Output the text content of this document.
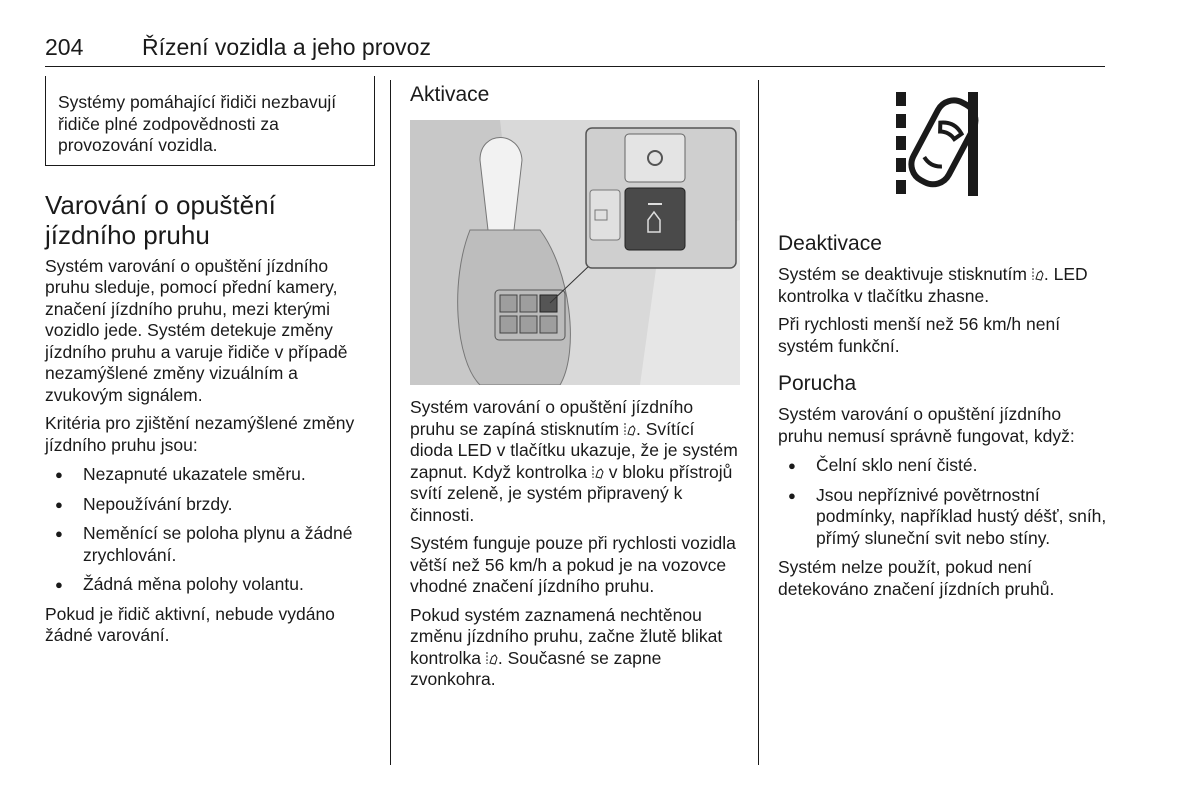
204	Řízení vozidla a jeho provoz
Systémy pomáhající řidiči nezbavují řidiče plné zodpovědnosti za provozování vozidla.
Varování o opuštění
jízdního pruhu

Systém varování o opuštění jízdního pruhu sleduje, pomocí přední kamery, značení jízdního pruhu, mezi kterými vozidlo jede. Systém detekuje změny jízdního pruhu a varuje řidiče v případě nezamýšlené změny vizuálním a zvukovým signálem.

Kritéria pro zjištění nezamýšlené změny jízdního pruhu jsou:

● Nezapnuté ukazatele směru.
● Nepoužívání brzdy.
● Neměnící se poloha plynu a žádné zrychlování.
● Žádná měna polohy volantu.

Pokud je řidič aktivní, nebude vydáno žádné varování.

Aktivace

Systém varování o opuštění jízdního pruhu se zapíná stisknutím . Svítící dioda LED v tlačítku ukazuje, že je systém zapnut. Když kontrolka v bloku přístrojů svítí zeleně, je systém připravený k činnosti.

Systém funguje pouze při rychlosti vozidla větší než 56 km/h a pokud je na vozovce vhodné značení jízdního pruhu.

Pokud systém zaznamená nechtěnou změnu jízdního pruhu, začne žlutě blikat kontrolka . Současné se zapne zvonkohra.

Deaktivace

Systém se deaktivuje stisknutím . LED kontrolka v tlačítku zhasne.

Při rychlosti menší než 56 km/h není systém funkční.

Porucha

Systém varování o opuštění jízdního pruhu nemusí správně fungovat, když:

● Čelní sklo není čisté.
● Jsou nepříznivé povětrnostní podmínky, například hustý déšť, sníh, přímý sluneční svit nebo stíny.

Systém nelze použít, pokud není detekováno značení jízdních pruhů.
